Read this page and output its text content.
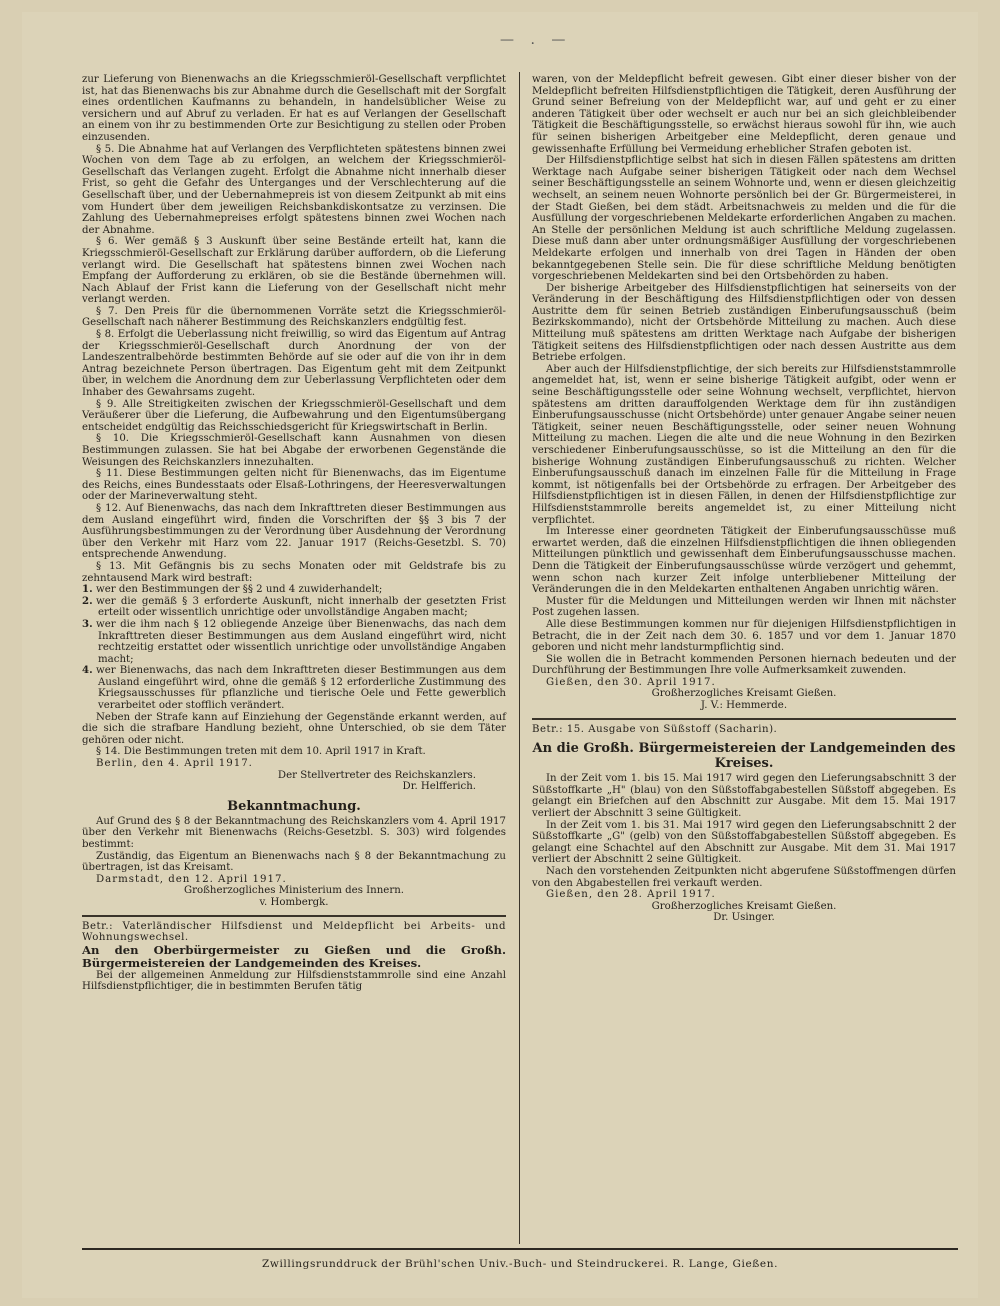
— . —

zur Lieferung von Bienenwachs an die Kriegsschmieröl-Gesellschaft verpflichtet ist, hat das Bienenwachs bis zur Abnahme durch die Gesellschaft mit der Sorgfalt eines ordentlichen Kaufmanns zu behandeln, in handelsüblicher Weise zu versichern und auf Abruf zu verladen. Er hat es auf Verlangen der Gesellschaft an einem von ihr zu bestimmenden Orte zur Besichtigung zu stellen oder Proben einzusenden.

§ 5. Die Abnahme hat auf Verlangen des Verpflichteten spätestens binnen zwei Wochen von dem Tage ab zu erfolgen, an welchem der Kriegsschmieröl-Gesellschaft das Verlangen zugeht. Erfolgt die Abnahme nicht innerhalb dieser Frist, so geht die Gefahr des Unterganges und der Verschlechterung auf die Gesellschaft über, und der Uebernahmepreis ist von diesem Zeitpunkt ab mit eins vom Hundert über dem jeweiligen Reichsbankdiskontsatze zu verzinsen. Die Zahlung des Uebernahmepreises erfolgt spätestens binnen zwei Wochen nach der Abnahme.

§ 6. Wer gemäß § 3 Auskunft über seine Bestände erteilt hat, kann die Kriegsschmieröl-Gesellschaft zur Erklärung darüber auffordern, ob die Lieferung verlangt wird. Die Gesellschaft hat spätestens binnen zwei Wochen nach Empfang der Aufforderung zu erklären, ob sie die Bestände übernehmen will. Nach Ablauf der Frist kann die Lieferung von der Gesellschaft nicht mehr verlangt werden.

§ 7. Den Preis für die übernommenen Vorräte setzt die Kriegsschmieröl-Gesellschaft nach näherer Bestimmung des Reichskanzlers endgültig fest.

§ 8. Erfolgt die Ueberlassung nicht freiwillig, so wird das Eigentum auf Antrag der Kriegsschmieröl-Gesellschaft durch Anordnung der von der Landeszentralbehörde bestimmten Behörde auf sie oder auf die von ihr in dem Antrag bezeichnete Person übertragen. Das Eigentum geht mit dem Zeitpunkt über, in welchem die Anordnung dem zur Ueberlassung Verpflichteten oder dem Inhaber des Gewahrsams zugeht.

§ 9. Alle Streitigkeiten zwischen der Kriegsschmieröl-Gesellschaft und dem Veräußerer über die Lieferung, die Aufbewahrung und den Eigentumsübergang entscheidet endgültig das Reichsschiedsgericht für Kriegswirtschaft in Berlin.

§ 10. Die Kriegsschmieröl-Gesellschaft kann Ausnahmen von diesen Bestimmungen zulassen. Sie hat bei Abgabe der erworbenen Gegenstände die Weisungen des Reichskanzlers innezuhalten.

§ 11. Diese Bestimmungen gelten nicht für Bienenwachs, das im Eigentume des Reichs, eines Bundesstaats oder Elsaß-Lothringens, der Heeresverwaltungen oder der Marineverwaltung steht.

§ 12. Auf Bienenwachs, das nach dem Inkrafttreten dieser Bestimmungen aus dem Ausland eingeführt wird, finden die Vorschriften der §§ 3 bis 7 der Ausführungsbestimmungen zu der Verordnung über Ausdehnung der Verordnung über den Verkehr mit Harz vom 22. Januar 1917 (Reichs-Gesetzbl. S. 70) entsprechende Anwendung.

§ 13. Mit Gefängnis bis zu sechs Monaten oder mit Geldstrafe bis zu zehntausend Mark wird bestraft:

1. wer den Bestimmungen der §§ 2 und 4 zuwiderhandelt;

2. wer die gemäß § 3 erforderte Auskunft, nicht innerhalb der gesetzten Frist erteilt oder wissentlich unrichtige oder unvollständige Angaben macht;

3. wer die ihm nach § 12 obliegende Anzeige über Bienenwachs, das nach dem Inkrafttreten dieser Bestimmungen aus dem Ausland eingeführt wird, nicht rechtzeitig erstattet oder wissentlich unrichtige oder unvollständige Angaben macht;

4. wer Bienenwachs, das nach dem Inkrafttreten dieser Bestimmungen aus dem Ausland eingeführt wird, ohne die gemäß § 12 erforderliche Zustimmung des Kriegsausschusses für pflanzliche und tierische Oele und Fette gewerblich verarbeitet oder stofflich verändert.

Neben der Strafe kann auf Einziehung der Gegenstände erkannt werden, auf die sich die strafbare Handlung bezieht, ohne Unterschied, ob sie dem Täter gehören oder nicht.

§ 14. Die Bestimmungen treten mit dem 10. April 1917 in Kraft.

Berlin, den 4. April 1917.

Der Stellvertreter des Reichskanzlers.

Dr. Helfferich.

Bekanntmachung.

Auf Grund des § 8 der Bekanntmachung des Reichskanzlers vom 4. April 1917 über den Verkehr mit Bienenwachs (Reichs-Gesetzbl. S. 303) wird folgendes bestimmt:

Zuständig, das Eigentum an Bienenwachs nach § 8 der Bekanntmachung zu übertragen, ist das Kreisamt.

Darmstadt, den 12. April 1917.

Großherzogliches Ministerium des Innern.

v. Hombergk.

Betr.: Vaterländischer Hilfsdienst und Meldepflicht bei Arbeits- und Wohnungswechsel.

An den Oberbürgermeister zu Gießen und die Großh. Bürgermeistereien der Landgemeinden des Kreises.

Bei der allgemeinen Anmeldung zur Hilfsdienststammrolle sind eine Anzahl Hilfsdienstpflichtiger, die in bestimmten Berufen tätig

waren, von der Meldepflicht befreit gewesen. Gibt einer dieser bisher von der Meldepflicht befreiten Hilfsdienstpflichtigen die Tätigkeit, deren Ausführung der Grund seiner Befreiung von der Meldepflicht war, auf und geht er zu einer anderen Tätigkeit über oder wechselt er auch nur bei an sich gleichbleibender Tätigkeit die Beschäftigungsstelle, so erwächst hieraus sowohl für ihn, wie auch für seinen bisherigen Arbeitgeber eine Meldepflicht, deren genaue und gewissenhafte Erfüllung bei Vermeidung erheblicher Strafen geboten ist.

Der Hilfsdienstpflichtige selbst hat sich in diesen Fällen spätestens am dritten Werktage nach Aufgabe seiner bisherigen Tätigkeit oder nach dem Wechsel seiner Beschäftigungsstelle an seinem Wohnorte und, wenn er diesen gleichzeitig wechselt, an seinem neuen Wohnorte persönlich bei der Gr. Bürgermeisterei, in der Stadt Gießen, bei dem städt. Arbeitsnachweis zu melden und die für die Ausfüllung der vorgeschriebenen Meldekarte erforderlichen Angaben zu machen. An Stelle der persönlichen Meldung ist auch schriftliche Meldung zugelassen. Diese muß dann aber unter ordnungsmäßiger Ausfüllung der vorgeschriebenen Meldekarte erfolgen und innerhalb von drei Tagen in Händen der oben bekanntgegebenen Stelle sein. Die für diese schriftliche Meldung benötigten vorgeschriebenen Meldekarten sind bei den Ortsbehörden zu haben.

Der bisherige Arbeitgeber des Hilfsdienstpflichtigen hat seinerseits von der Veränderung in der Beschäftigung des Hilfsdienstpflichtigen oder von dessen Austritte dem für seinen Betrieb zuständigen Einberufungsausschuß (beim Bezirkskommando), nicht der Ortsbehörde Mitteilung zu machen. Auch diese Mitteilung muß spätestens am dritten Werktage nach Aufgabe der bisherigen Tätigkeit seitens des Hilfsdienstpflichtigen oder nach dessen Austritte aus dem Betriebe erfolgen.

Aber auch der Hilfsdienstpflichtige, der sich bereits zur Hilfsdienststammrolle angemeldet hat, ist, wenn er seine bisherige Tätigkeit aufgibt, oder wenn er seine Beschäftigungsstelle oder seine Wohnung wechselt, verpflichtet, hiervon spätestens am dritten darauffolgenden Werktage dem für ihn zuständigen Einberufungsausschusse (nicht Ortsbehörde) unter genauer Angabe seiner neuen Tätigkeit, seiner neuen Beschäftigungsstelle, oder seiner neuen Wohnung Mitteilung zu machen. Liegen die alte und die neue Wohnung in den Bezirken verschiedener Einberufungsausschüsse, so ist die Mitteilung an den für die bisherige Wohnung zuständigen Einberufungsausschuß zu richten. Welcher Einberufungsausschuß danach im einzelnen Falle für die Mitteilung in Frage kommt, ist nötigenfalls bei der Ortsbehörde zu erfragen. Der Arbeitgeber des Hilfsdienstpflichtigen ist in diesen Fällen, in denen der Hilfsdienstpflichtige zur Hilfsdienststammrolle bereits angemeldet ist, zu einer Mitteilung nicht verpflichtet.

Im Interesse einer geordneten Tätigkeit der Einberufungsausschüsse muß erwartet werden, daß die einzelnen Hilfsdienstpflichtigen die ihnen obliegenden Mitteilungen pünktlich und gewissenhaft dem Einberufungsausschusse machen. Denn die Tätigkeit der Einberufungsausschüsse würde verzögert und gehemmt, wenn schon nach kurzer Zeit infolge unterbliebener Mitteilung der Veränderungen die in den Meldekarten enthaltenen Angaben unrichtig wären.

Muster für die Meldungen und Mitteilungen werden wir Ihnen mit nächster Post zugehen lassen.

Alle diese Bestimmungen kommen nur für diejenigen Hilfsdienstpflichtigen in Betracht, die in der Zeit nach dem 30. 6. 1857 und vor dem 1. Januar 1870 geboren und nicht mehr landsturmpflichtig sind.

Sie wollen die in Betracht kommenden Personen hiernach bedeuten und der Durchführung der Bestimmungen Ihre volle Aufmerksamkeit zuwenden.

Gießen, den 30. April 1917.

Großherzogliches Kreisamt Gießen.

J. V.: Hemmerde.

Betr.: 15. Ausgabe von Süßstoff (Sacharin).

An die Großh. Bürgermeistereien der Landgemeinden des Kreises.

In der Zeit vom 1. bis 15. Mai 1917 wird gegen den Lieferungsabschnitt 3 der Süßstoffkarte „H" (blau) von den Süßstoffabgabestellen Süßstoff abgegeben. Es gelangt ein Briefchen auf den Abschnitt zur Ausgabe. Mit dem 15. Mai 1917 verliert der Abschnitt 3 seine Gültigkeit.

In der Zeit vom 1. bis 31. Mai 1917 wird gegen den Lieferungsabschnitt 2 der Süßstoffkarte „G" (gelb) von den Süßstoffabgabestellen Süßstoff abgegeben. Es gelangt eine Schachtel auf den Abschnitt zur Ausgabe. Mit dem 31. Mai 1917 verliert der Abschnitt 2 seine Gültigkeit.

Nach den vorstehenden Zeitpunkten nicht abgerufene Süßstoffmengen dürfen von den Abgabestellen frei verkauft werden.

Gießen, den 28. April 1917.

Großherzogliches Kreisamt Gießen.

Dr. Usinger.

Zwillingsrunddruck der Brühl'schen Univ.-Buch- und Steindruckerei. R. Lange, Gießen.
